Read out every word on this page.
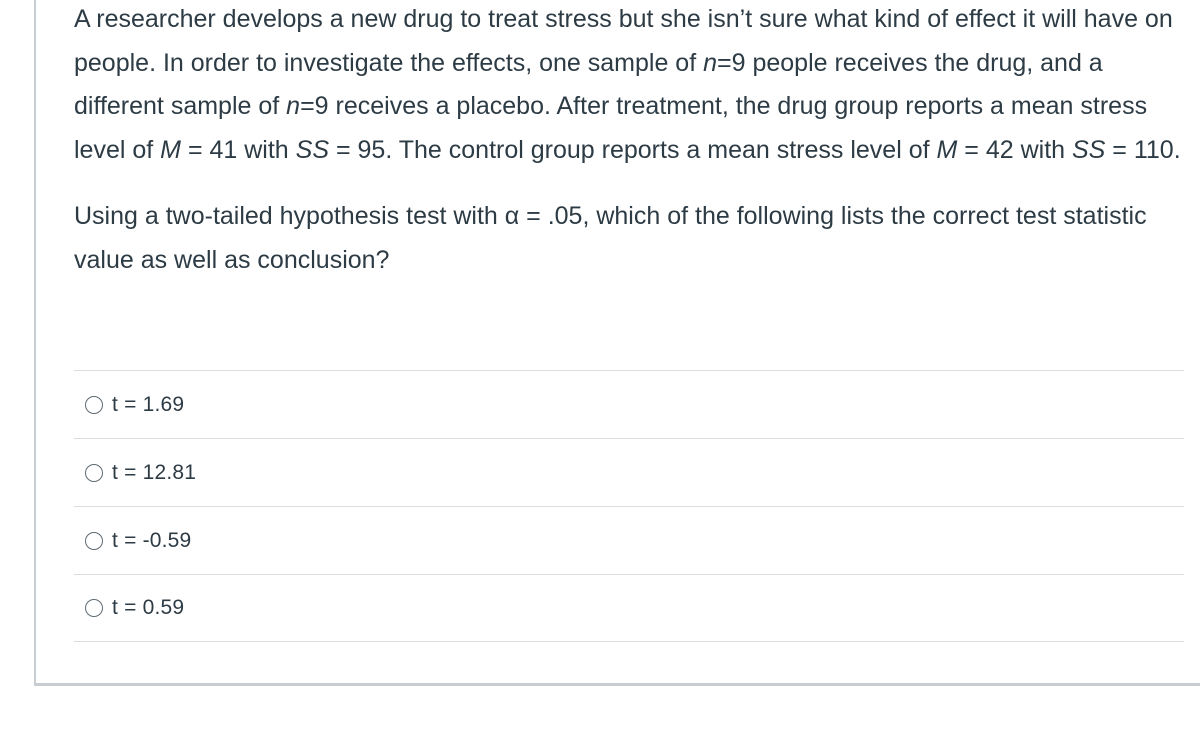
A researcher develops a new drug to treat stress but she isn’t sure what kind of effect it will have on people. In order to investigate the effects, one sample of n=9 people receives the drug, and a different sample of n=9 receives a placebo. After treatment, the drug group reports a mean stress level of M = 41 with SS = 95. The control group reports a mean stress level of M = 42 with SS = 110.

Using a two-tailed hypothesis test with α = .05, which of the following lists the correct test statistic value as well as conclusion?

t = 1.69
t = 12.81
t = -0.59
t = 0.59
